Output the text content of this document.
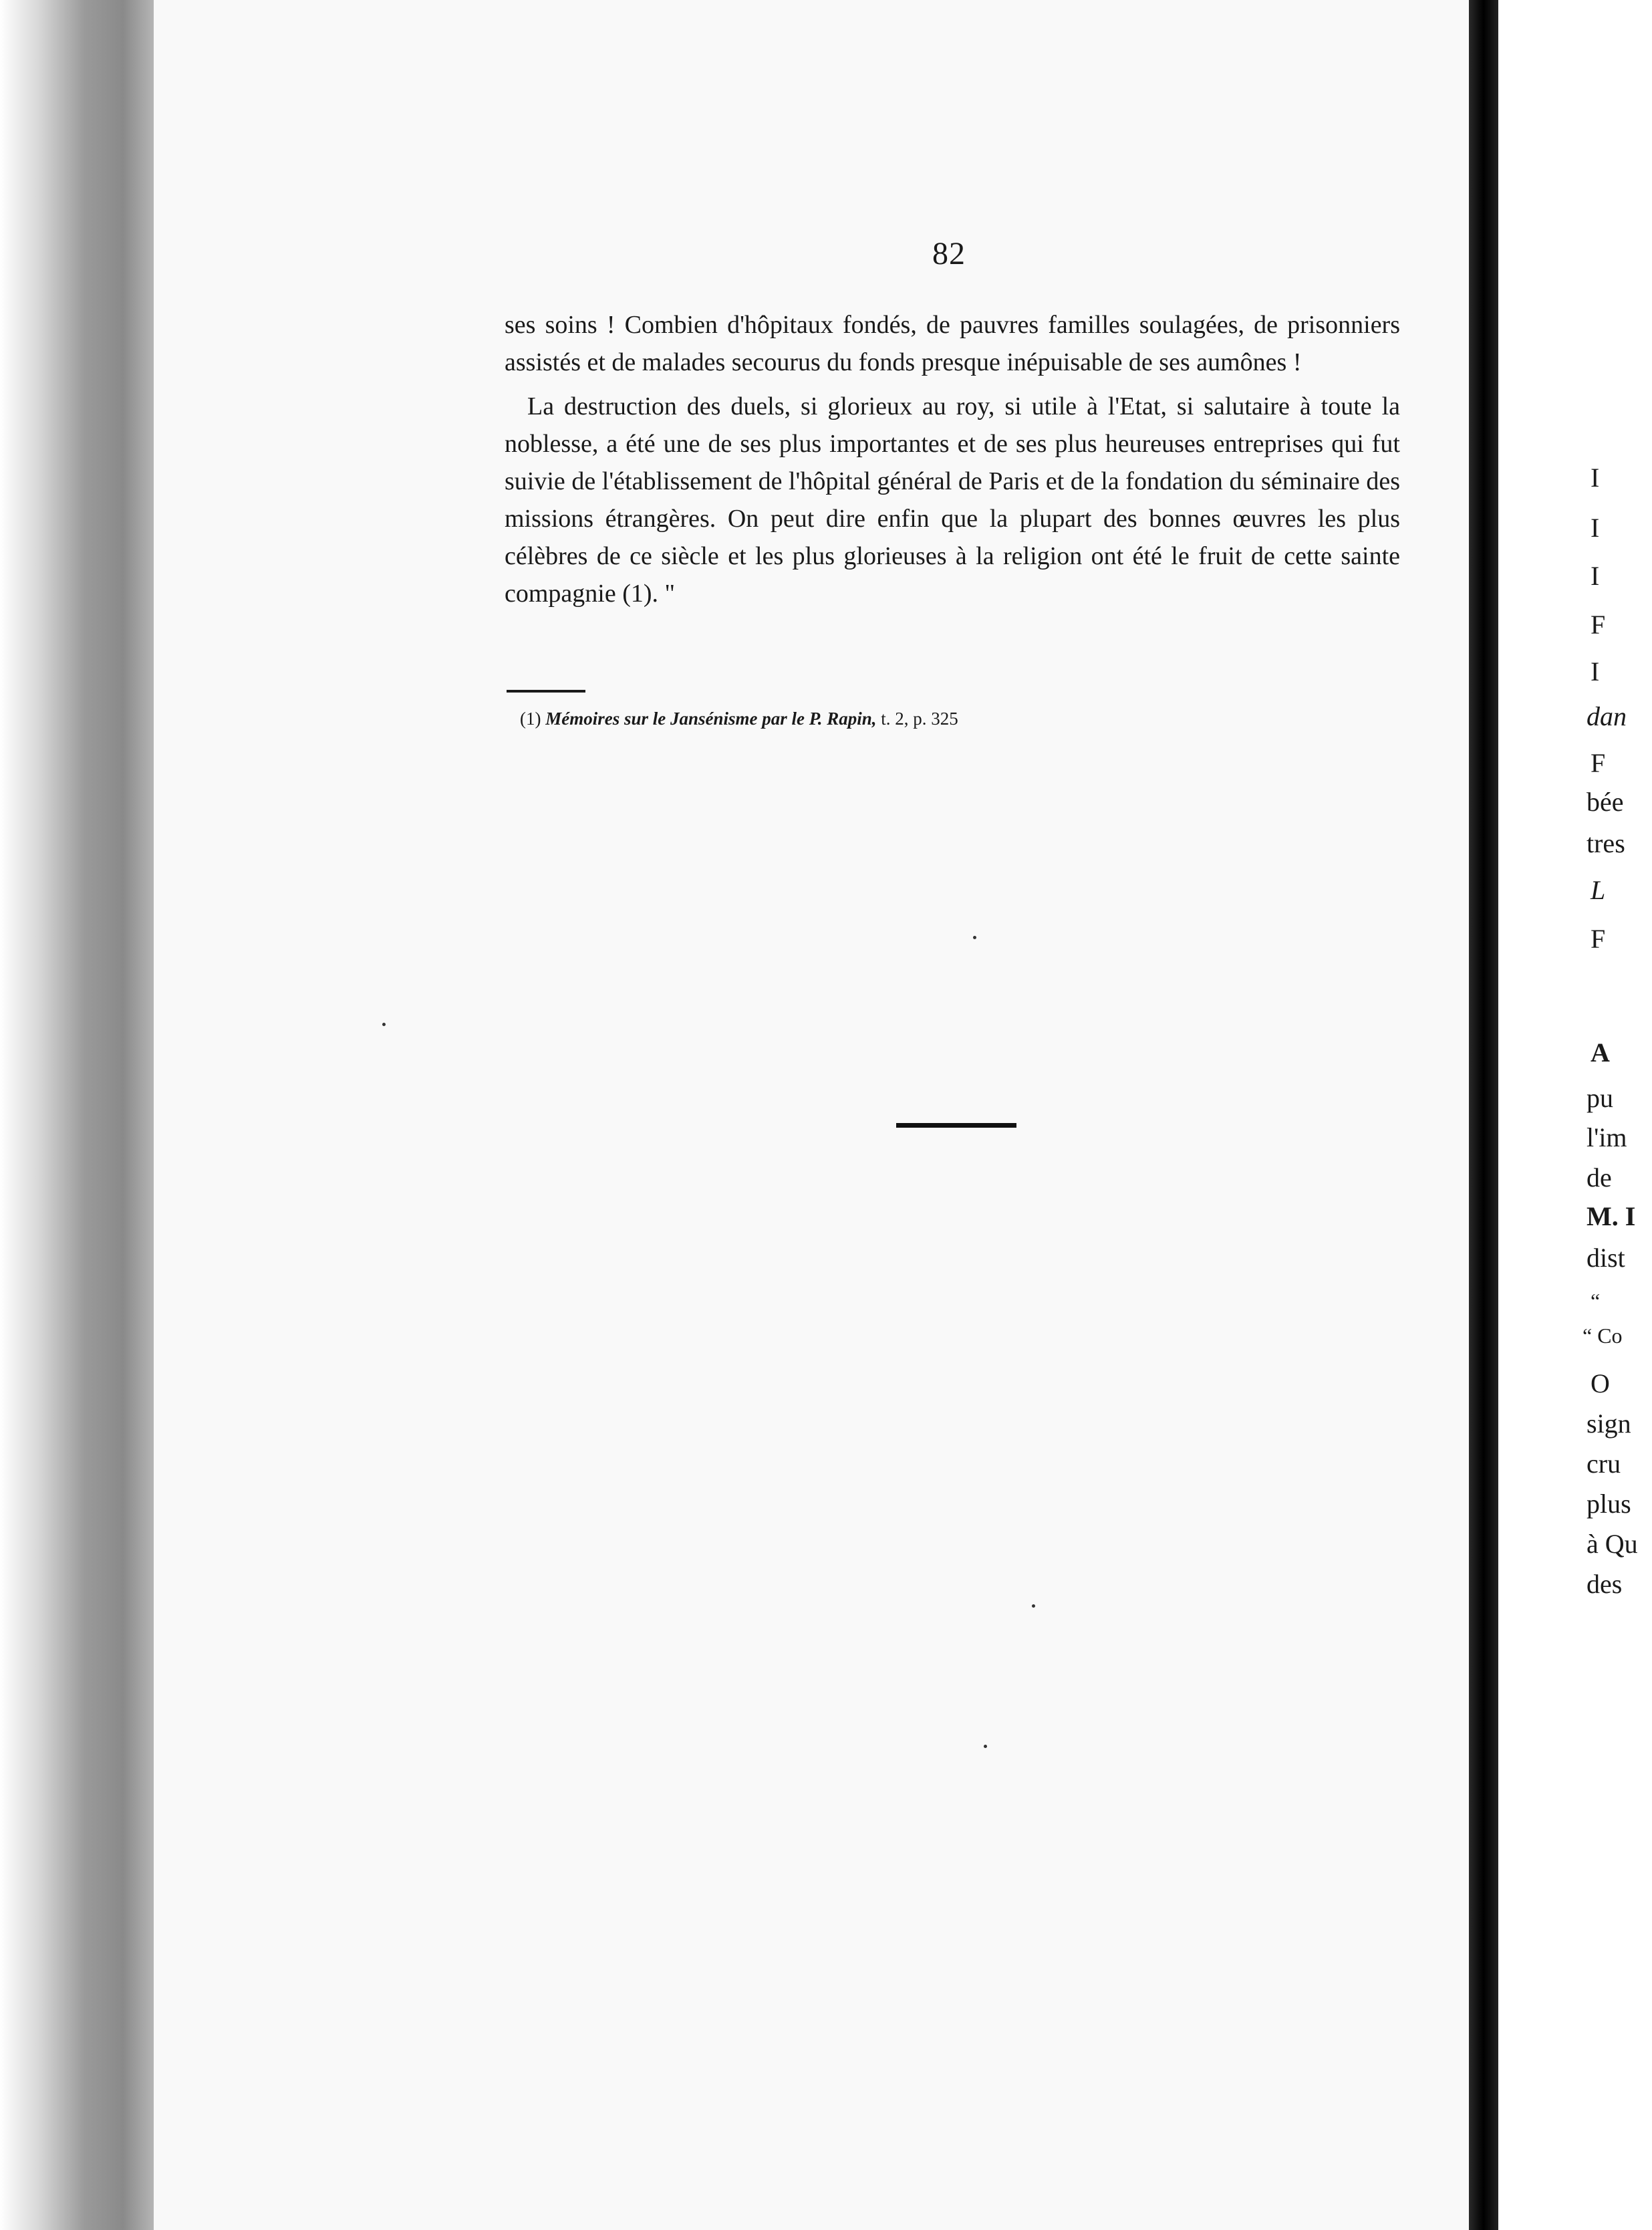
82

ses soins ! Combien d'hôpitaux fondés, de pauvres familles soulagées, de prisonniers assistés et de malades secourus du fonds presque inépuisable de ses aumônes !

La destruction des duels, si glorieux au roy, si utile à l'Etat, si salutaire à toute la noblesse, a été une de ses plus importantes et de ses plus heureuses entreprises qui fut suivie de l'établissement de l'hôpital général de Paris et de la fondation du séminaire des missions étrangères. On peut dire enfin que la plupart des bonnes œuvres les plus célèbres de ce siècle et les plus glorieuses à la religion ont été le fruit de cette sainte compagnie (1). "

(1) Mémoires sur le Jansénisme par le P. Rapin, t. 2, p. 325
I
I
I
F
I
dan
F
bée
tres
L
F
A
pu
l'im
de
M. I
dist
“
“ Co
O
sign
cru
plus
à Qu
des
